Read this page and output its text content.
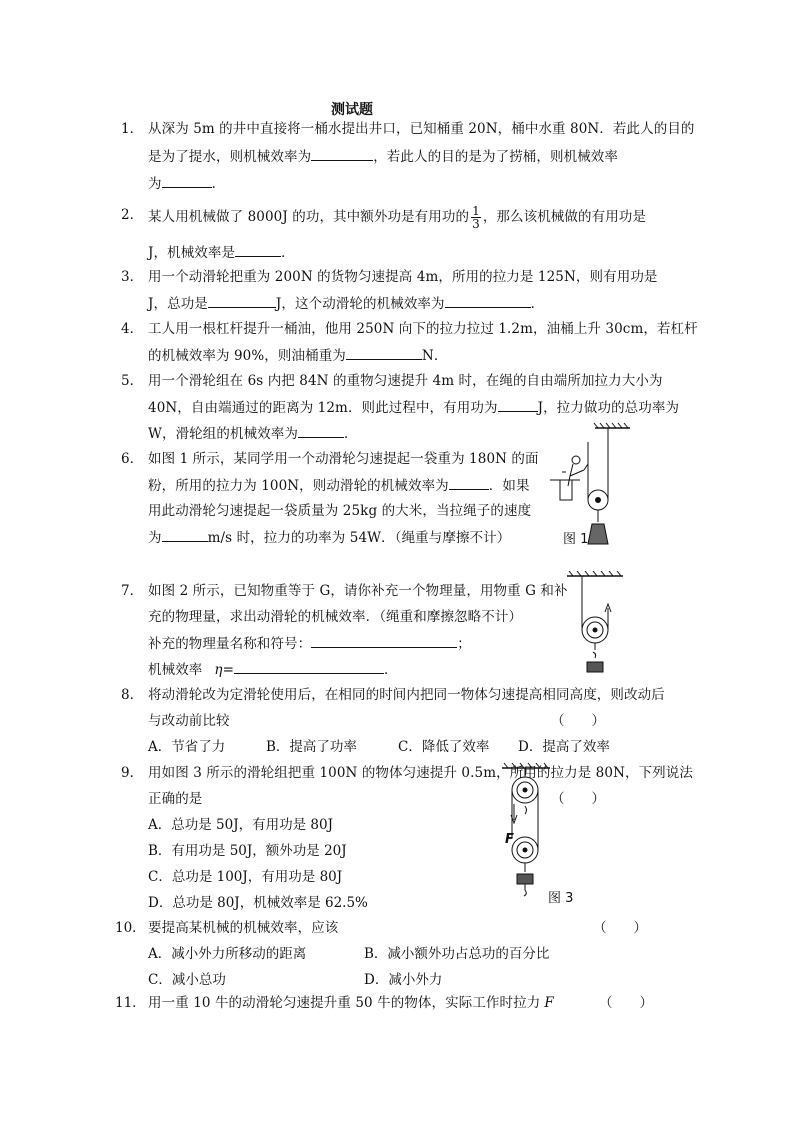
测试题
1． 从深为 5m 的井中直接将一桶水提出井口，已知桶重 20N，桶中水重 80N．若此人的目的
是为了提水，则机械效率为	，若此人的目的是为了捞桶，则机械效率
为	．
2． 某人用机械做了 8000J 的功，其中额外功是有用功的 $\frac{1}{3}$ ，那么该机械做的有用功是
J，机械效率是	．
3． 用一个动滑轮把重为 200N 的货物匀速提高 4m，所用的拉力是 125N，则有用功是
J，总功是	J，这个动滑轮的机械效率为	．
4． 工人用一根杠杆提升一桶油，他用 250N 向下的拉力拉过 1.2m，油桶上升 30cm，若杠杆
的机械效率为 90%，则油桶重为	N．
5． 用一个滑轮组在 6s 内把 84N 的重物匀速提升 4m 时，在绳的自由端所加拉力大小为
40N，自由端通过的距离为 12m．则此过程中，有用功为	J，拉力做功的总功率为
W，滑轮组的机械效率为	．
6． 如图 1 所示，某同学用一个动滑轮匀速提起一袋重为 180N 的面
粉，所用的拉力为 100N，则动滑轮的机械效率为	．如果
用此动滑轮匀速提起一袋质量为 25kg 的大米，当拉绳子的速度
为	m/s 时，拉力的功率为 54W．（绳重与摩擦不计）	图 1
7． 如图 2 所示，已知物重等于 G，请你补充一个物理量，用物重 G 和补
充的物理量，求出动滑轮的机械效率．（绳重和摩擦忽略不计）
补充的物理量名称和符号：	；
机械效率 η=	．
8． 将动滑轮改为定滑轮使用后，在相同的时间内把同一物体匀速提高相同高度，则改动后
与改动前比较	（　　）
A．节省了力	B．提高了功率	C．降低了效率 D．提高了效率
9． 用如图 3 所示的滑轮组把重 100N 的物体匀速提升 0.5m，所用的拉力是 80N，下列说法
正确的是	（　　）
A．总功是 50J，有用功是 80J
B．有用功是 50J，额外功是 20J
C．总功是 100J，有用功是 80J
D．总功是 80J，机械效率是 62.5%
F
图 3
10． 要提高某机械的机械效率，应该	（　　）
A．减小外力所移动的距离	B．减小额外功占总功的百分比
C．减小总功	D．减小外力
11． 用一重 10 牛的动滑轮匀速提升重 50 牛的物体，实际工作时拉力 F	（　　）
